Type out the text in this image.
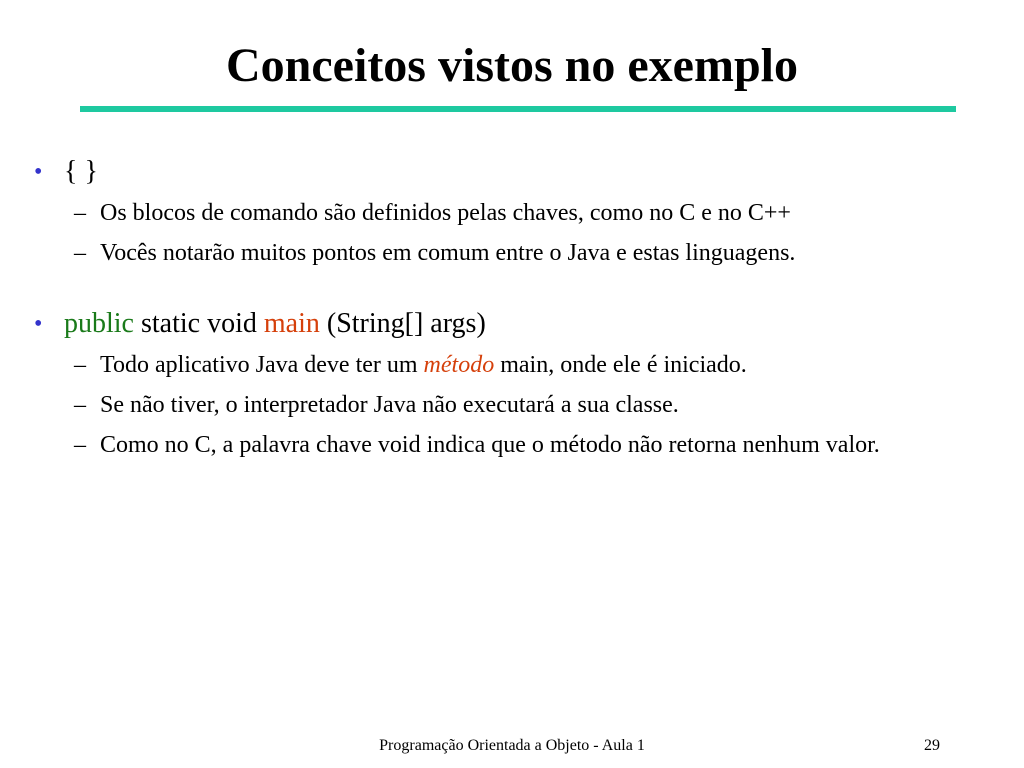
Conceitos vistos no exemplo
• { }
– Os blocos de comando são definidos pelas chaves, como no C e no C++
– Vocês notarão muitos pontos em comum entre o Java e estas linguagens.
• public static void main (String[] args)
– Todo aplicativo Java deve ter um método main, onde ele é iniciado.
– Se não tiver, o interpretador Java não executará a sua classe.
– Como no C, a palavra chave void indica que o método não retorna nenhum valor.
Programação Orientada a Objeto - Aula 1	29
